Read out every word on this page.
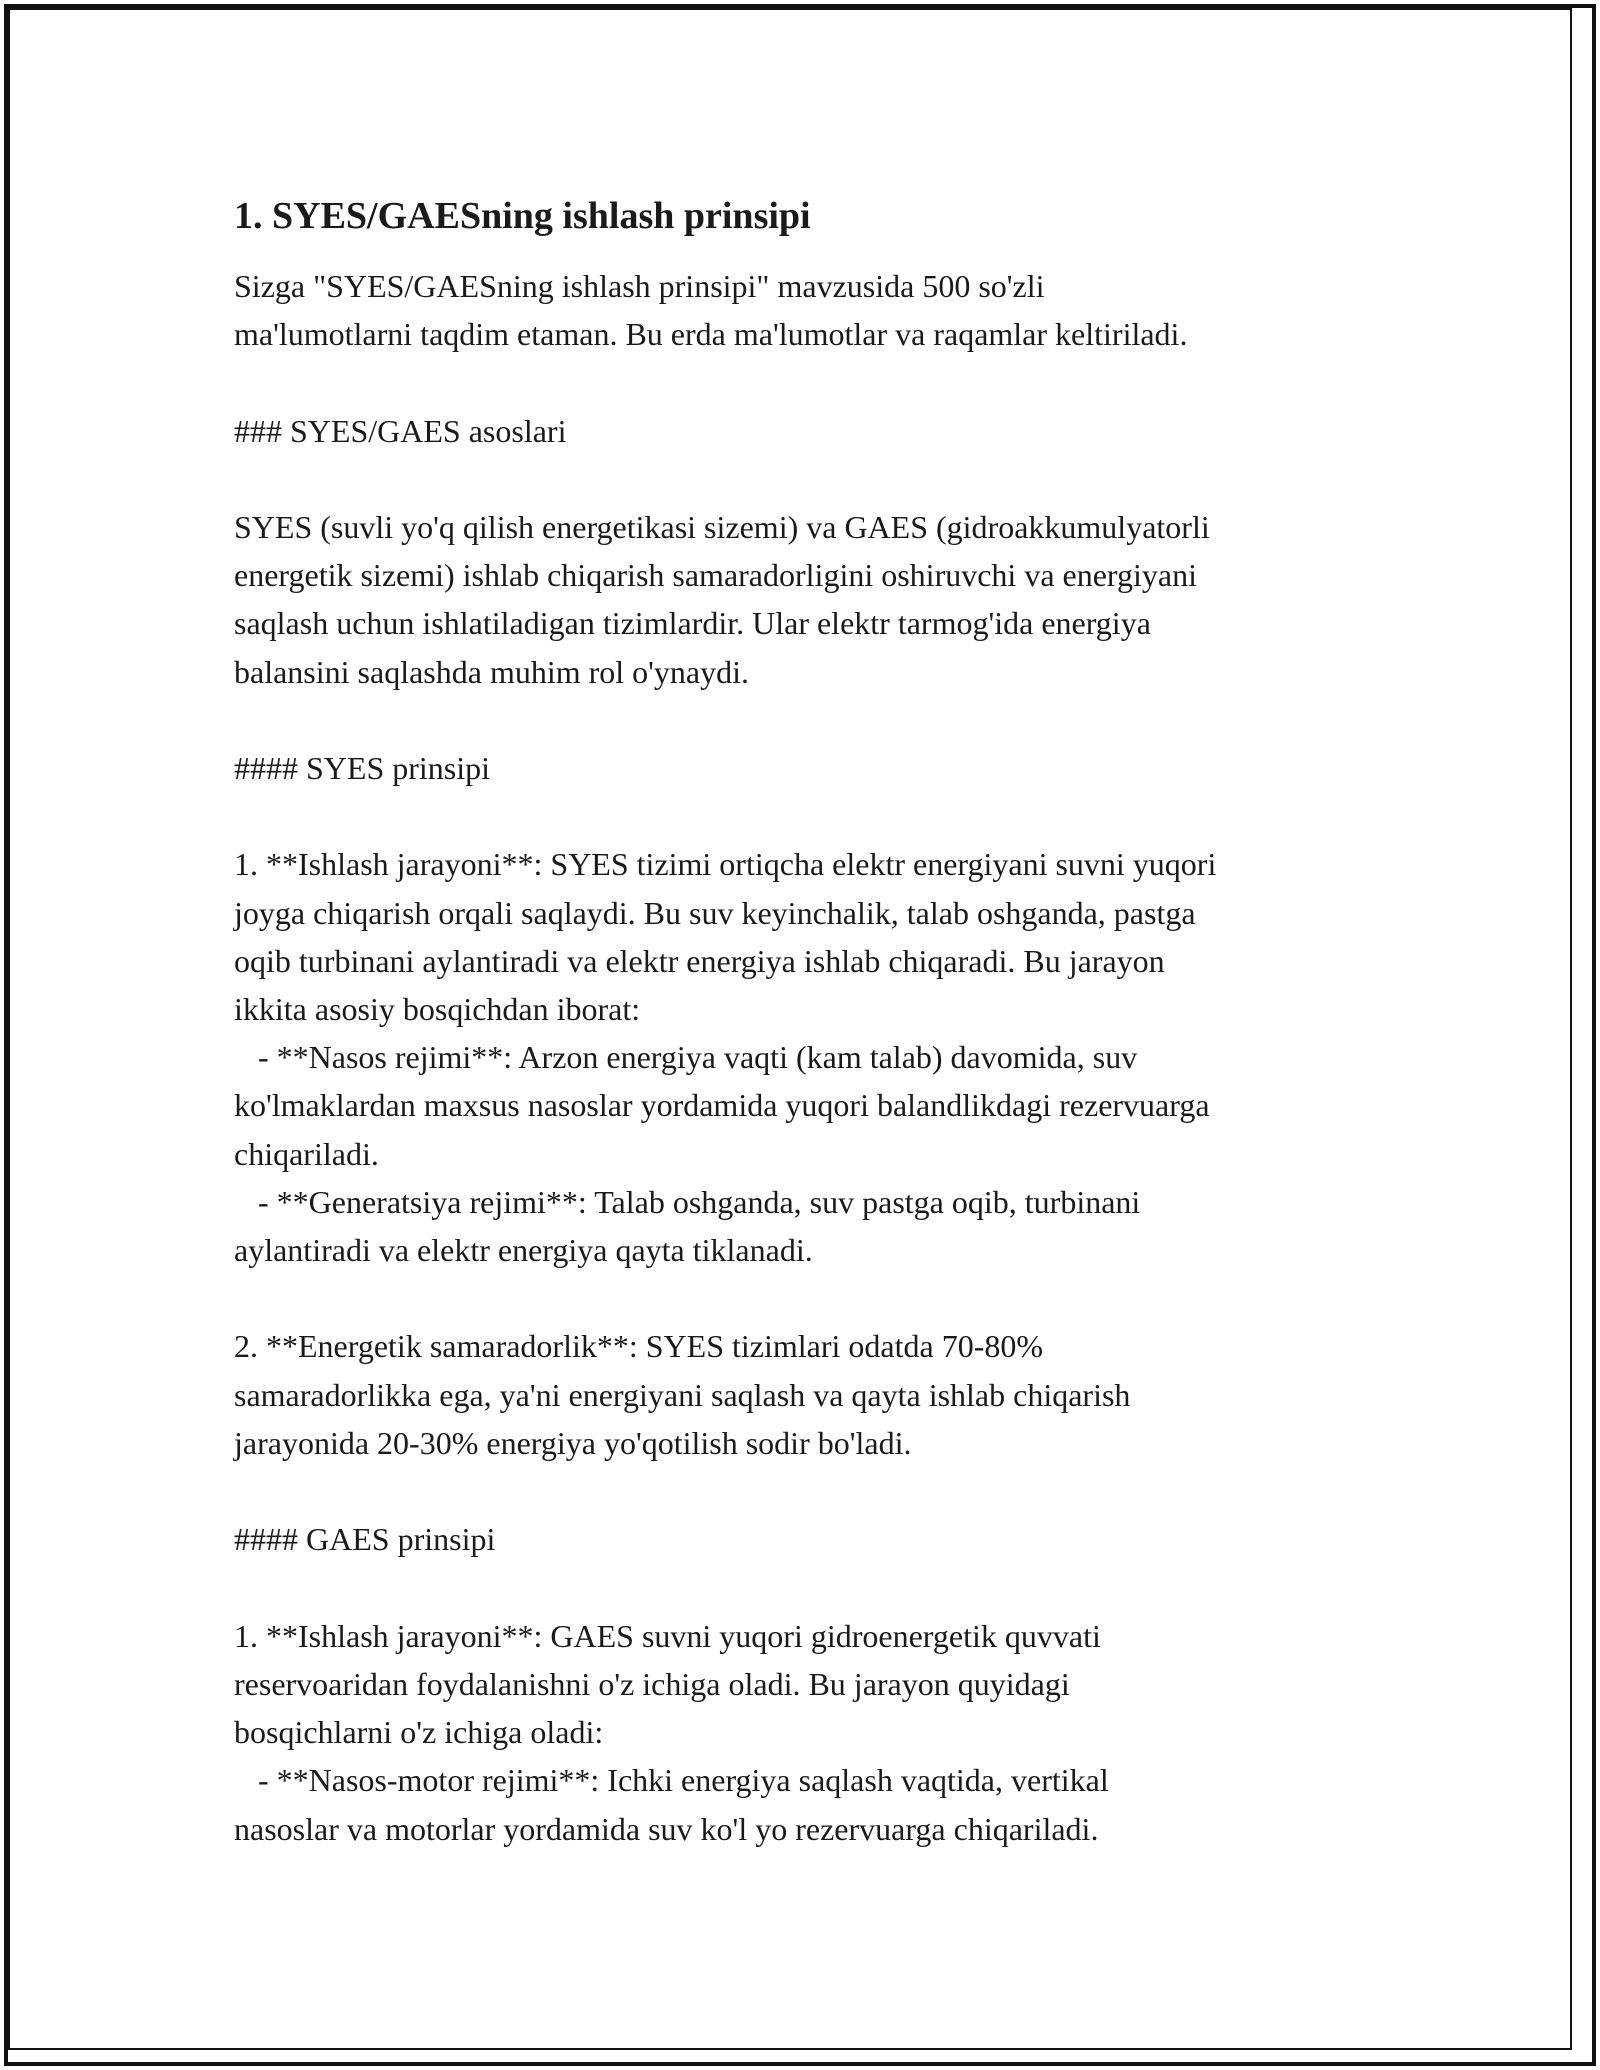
1. SYES/GAESning ishlash prinsipi
Sizga "SYES/GAESning ishlash prinsipi" mavzusida 500 so'zli
ma'lumotlarni taqdim etaman. Bu erda ma'lumotlar va raqamlar keltiriladi.

### SYES/GAES asoslari

SYES (suvli yo'q qilish energetikasi sizemi) va GAES (gidroakkumulyatorli
energetik sizemi) ishlab chiqarish samaradorligini oshiruvchi va energiyani
saqlash uchun ishlatiladigan tizimlardir. Ular elektr tarmog'ida energiya
balansini saqlashda muhim rol o'ynaydi.

#### SYES prinsipi

1. **Ishlash jarayoni**: SYES tizimi ortiqcha elektr energiyani suvni yuqori
joyga chiqarish orqali saqlaydi. Bu suv keyinchalik, talab oshganda, pastga
oqib turbinani aylantiradi va elektr energiya ishlab chiqaradi. Bu jarayon
ikkita asosiy bosqichdan iborat:
- **Nasos rejimi**: Arzon energiya vaqti (kam talab) davomida, suv
ko'lmaklardan maxsus nasoslar yordamida yuqori balandlikdagi rezervuarga
chiqariladi.
- **Generatsiya rejimi**: Talab oshganda, suv pastga oqib, turbinani
aylantiradi va elektr energiya qayta tiklanadi.

2. **Energetik samaradorlik**: SYES tizimlari odatda 70-80%
samaradorlikka ega, ya'ni energiyani saqlash va qayta ishlab chiqarish
jarayonida 20-30% energiya yo'qotilish sodir bo'ladi.

#### GAES prinsipi

1. **Ishlash jarayoni**: GAES suvni yuqori gidroenergetik quvvati
reservoaridan foydalanishni o'z ichiga oladi. Bu jarayon quyidagi
bosqichlarni o'z ichiga oladi:
- **Nasos-motor rejimi**: Ichki energiya saqlash vaqtida, vertikal
nasoslar va motorlar yordamida suv ko'l yo rezervuarga chiqariladi.
